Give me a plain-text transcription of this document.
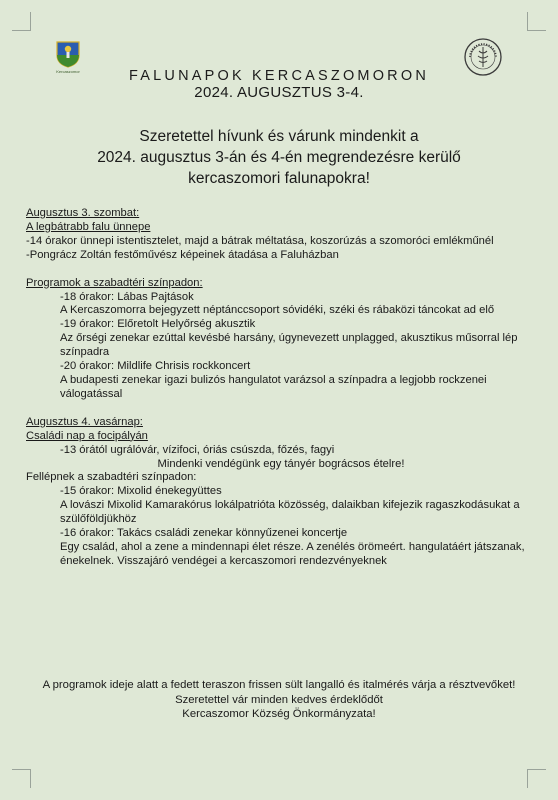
Kercaszomor	FALUNAPOK KERCASZOMORON
2024. AUGUSZTUS 3-4.
Szeretettel hívunk és várunk mindenkit a
2024. augusztus 3-án és 4-én megrendezésre kerülő
kercaszomori falunapokra!
Augusztus 3. szombat:
A legbátrabb falu ünnepe
-14 órakor ünnepi istentisztelet, majd a bátrak méltatása, koszorúzás a szomoróci emlékműnél
-Pongrácz Zoltán festőművész képeinek átadása a Faluházban
Programok a szabadtéri színpadon:
-18 órakor: Lábas Pajtások
A Kercaszomorra bejegyzett néptánccsoport sóvidéki, széki és rábaközi táncokat ad elő
-19 órakor: Előretolt Helyőrség akusztik
Az őrségi zenekar ezúttal kevésbé harsány, úgynevezett unplagged, akusztikus műsorral lép színpadra
-20 órakor: Mildlife Chrisis rockkoncert
A budapesti zenekar igazi bulizós hangulatot varázsol a színpadra a legjobb rockzenei válogatással
Augusztus 4. vasárnap:
Családi nap a focipályán
-13 órától ugrálóvár, vízifoci, óriás csúszda, főzés, fagyi
Mindenki vendégünk egy tányér bográcsos ételre!
Fellépnek a szabadtéri színpadon:
-15 órakor: Mixolid énekegyüttes
A lovászi Mixolid Kamarakórus lokálpatrióta közösség, dalaikban kifejezik ragaszkodásukat a szülőföldjükhöz
-16 órakor: Takács családi zenekar könnyűzenei koncertje
Egy család, ahol a zene a mindennapi élet része. A zenélés örömeért. hangulatáért játszanak, énekelnek. Visszajáró vendégei a kercaszomori rendezvényeknek
A programok ideje alatt a fedett teraszon frissen sült langalló és italmérés várja a résztvevőket!
Szeretettel vár minden kedves érdeklődőt
Kercaszomor Község Önkormányzata!
